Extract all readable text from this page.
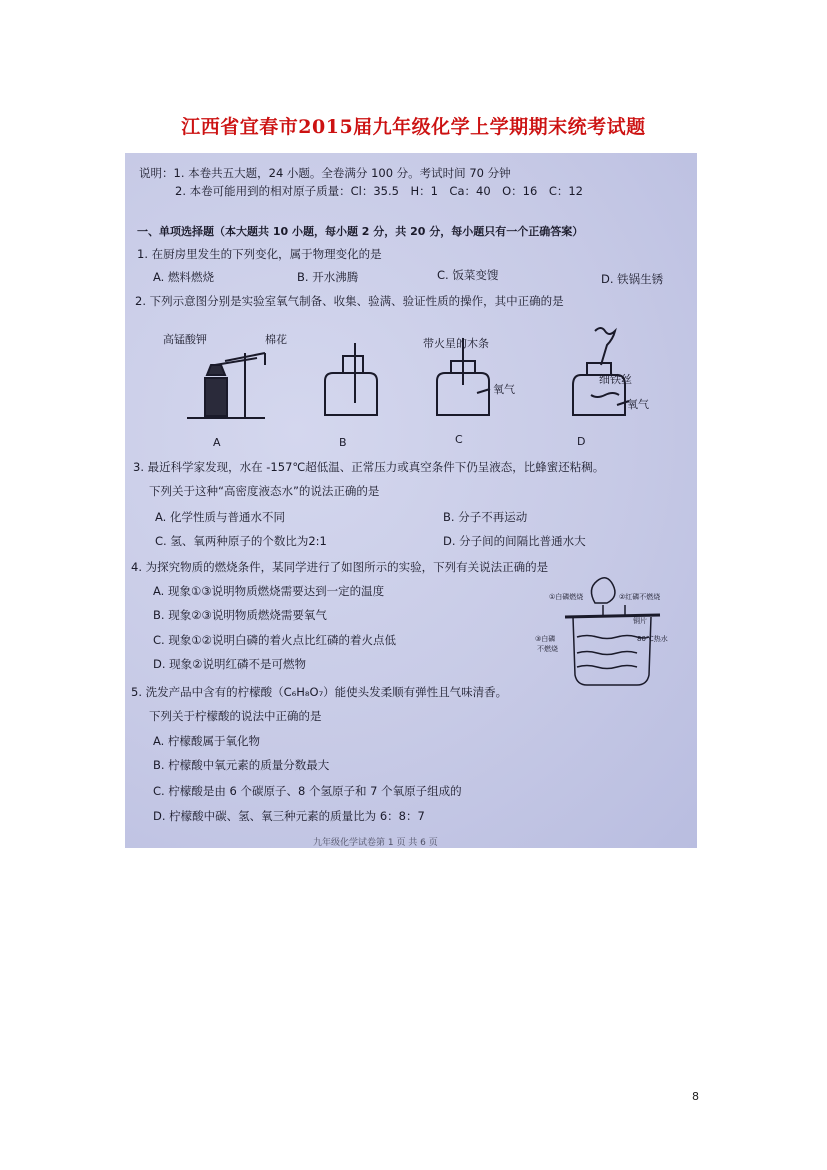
江西省宜春市2015届九年级化学上学期期末统考试题
说明：1. 本卷共五大题，24 小题。全卷满分 100 分。考试时间 70 分钟
2. 本卷可能用到的相对原子质量：Cl：35.5　H：1　Ca：40　O：16　C：12
一、单项选择题（本大题共 10 小题，每小题 2 分，共 20 分，每小题只有一个正确答案）
1. 在厨房里发生的下列变化，属于物理变化的是
A. 燃料燃烧	B. 开水沸腾	C. 饭菜变馊	D. 铁锅生锈
2. 下列示意图分别是实验室氧气制备、收集、验满、验证性质的操作，其中正确的是
高锰酸钾	棉花	带火星的木条
氧气
细铁丝
氧气
A	B	C	D
3. 最近科学家发现，水在 -157℃超低温、正常压力或真空条件下仍呈液态，比蜂蜜还粘稠。
下列关于这种“高密度液态水”的说法正确的是
A. 化学性质与普通水不同	B. 分子不再运动
C. 氢、氧两种原子的个数比为2:1	D. 分子间的间隔比普通水大
4. 为探究物质的燃烧条件，某同学进行了如图所示的实验，下列有关说法正确的是
A. 现象①③说明物质燃烧需要达到一定的温度
B. 现象②③说明物质燃烧需要氧气
C. 现象①②说明白磷的着火点比红磷的着火点低
D. 现象②说明红磷不是可燃物
①白磷燃烧	②红磷不燃烧
铜片
80℃热水
③白磷
不燃烧
5. 洗发产品中含有的柠檬酸（C₆H₈O₇）能使头发柔顺有弹性且气味清香。
下列关于柠檬酸的说法中正确的是
A. 柠檬酸属于氧化物
B. 柠檬酸中氧元素的质量分数最大
C. 柠檬酸是由 6 个碳原子、8 个氢原子和 7 个氧原子组成的
D. 柠檬酸中碳、氢、氧三种元素的质量比为 6：8：7
九年级化学试卷第 1 页 共 6 页
8
